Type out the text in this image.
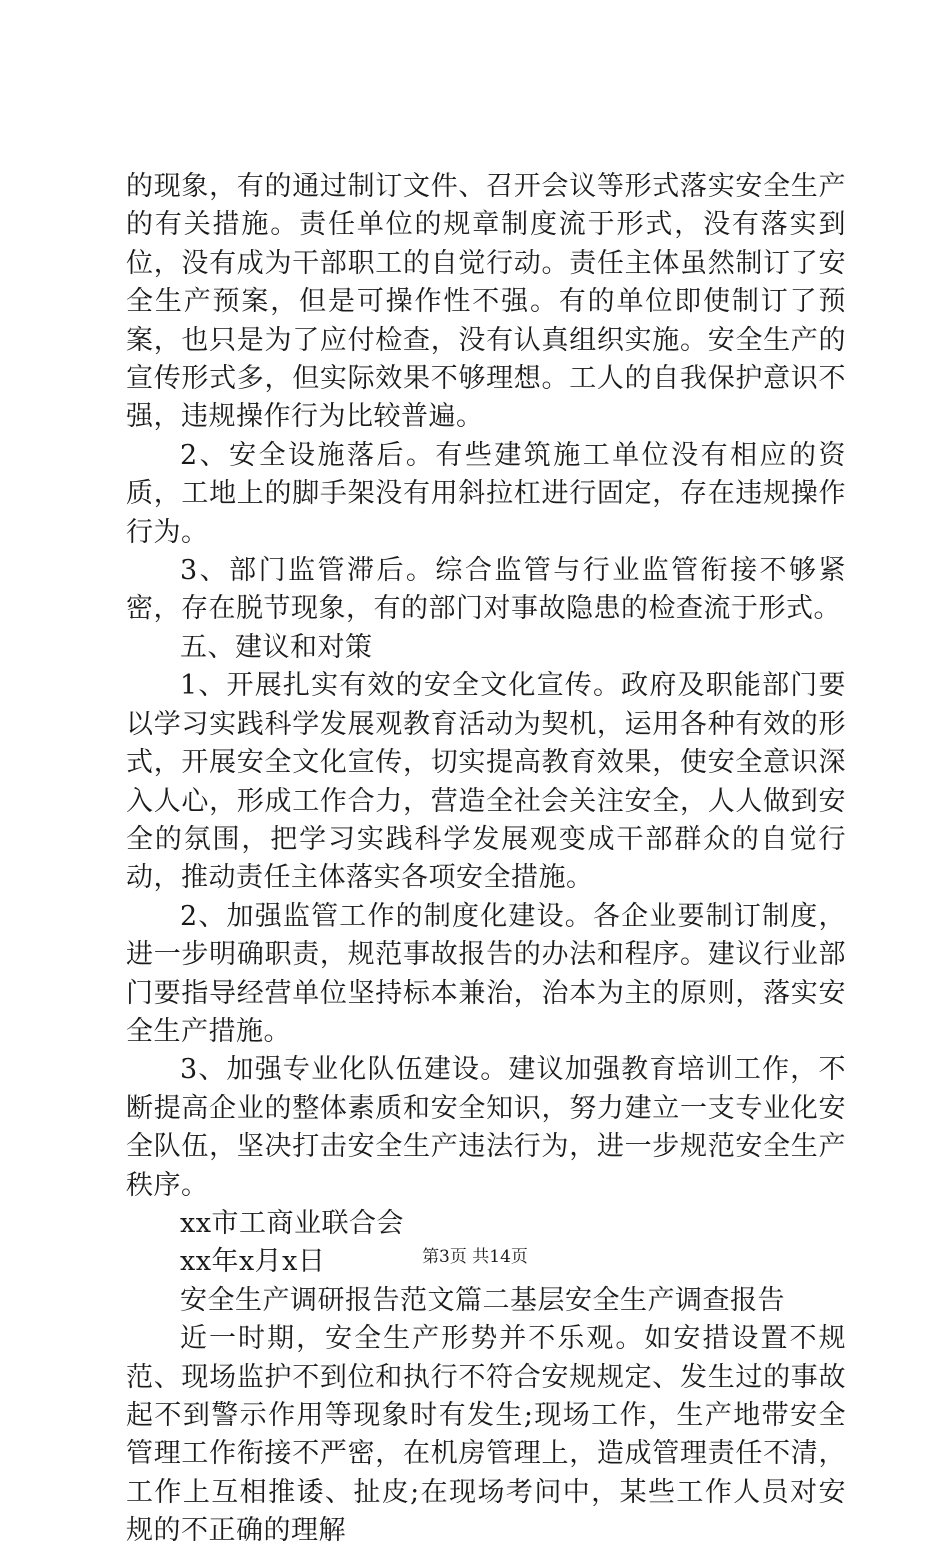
的现象，有的通过制订文件、召开会议等形式落实安全生产的有关措施。责任单位的规章制度流于形式，没有落实到位，没有成为干部职工的自觉行动。责任主体虽然制订了安全生产预案，但是可操作性不强。有的单位即使制订了预案，也只是为了应付检查，没有认真组织实施。安全生产的宣传形式多，但实际效果不够理想。工人的自我保护意识不强，违规操作行为比较普遍。

2、安全设施落后。有些建筑施工单位没有相应的资质，工地上的脚手架没有用斜拉杠进行固定，存在违规操作行为。

3、部门监管滞后。综合监管与行业监管衔接不够紧密，存在脱节现象，有的部门对事故隐患的检查流于形式。

五、建议和对策

1、开展扎实有效的安全文化宣传。政府及职能部门要以学习实践科学发展观教育活动为契机，运用各种有效的形式，开展安全文化宣传，切实提高教育效果，使安全意识深入人心，形成工作合力，营造全社会关注安全，人人做到安全的氛围，把学习实践科学发展观变成干部群众的自觉行动，推动责任主体落实各项安全措施。

2、加强监管工作的制度化建设。各企业要制订制度，进一步明确职责，规范事故报告的办法和程序。建议行业部门要指导经营单位坚持标本兼治，治本为主的原则，落实安全生产措施。

3、加强专业化队伍建设。建议加强教育培训工作，不断提高企业的整体素质和安全知识，努力建立一支专业化安全队伍，坚决打击安全生产违法行为，进一步规范安全生产秩序。

xx市工商业联合会

xx年x月x日

安全生产调研报告范文篇二基层安全生产调查报告

近一时期，安全生产形势并不乐观。如安措设置不规范、现场监护不到位和执行不符合安规规定、发生过的事故起不到警示作用等现象时有发生;现场工作，生产地带安全管理工作衔接不严密，在机房管理上，造成管理责任不清，工作上互相推诿、扯皮;在现场考问中，某些工作人员对安规的不正确的理解

第3页 共14页
